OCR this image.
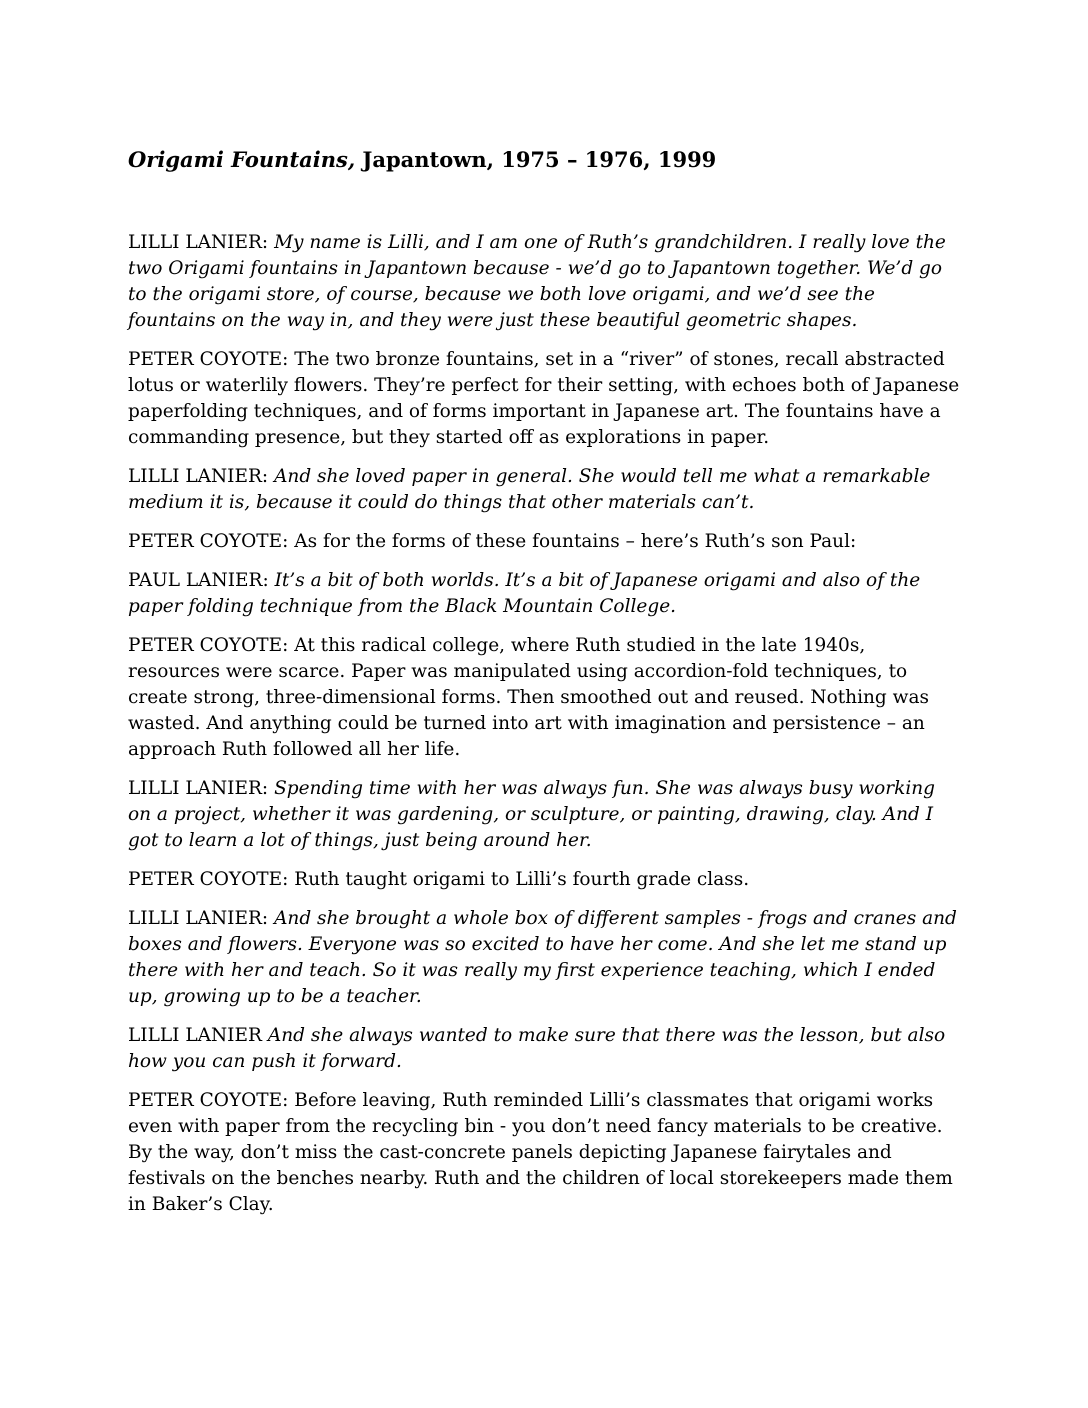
Origami Fountains, Japantown, 1975 – 1976, 1999

LILLI LANIER: My name is Lilli, and I am one of Ruth’s grandchildren. I really love the two Origami fountains in Japantown because - we’d go to Japantown together. We’d go to the origami store, of course, because we both love origami, and we’d see the fountains on the way in, and they were just these beautiful geometric shapes.

PETER COYOTE: The two bronze fountains, set in a “river” of stones, recall abstracted lotus or waterlily flowers. They’re perfect for their setting, with echoes both of Japanese paperfolding techniques, and of forms important in Japanese art. The fountains have a commanding presence, but they started off as explorations in paper.

LILLI LANIER: And she loved paper in general. She would tell me what a remarkable medium it is, because it could do things that other materials can’t.

PETER COYOTE: As for the forms of these fountains – here’s Ruth’s son Paul:

PAUL LANIER: It’s a bit of both worlds. It’s a bit of Japanese origami and also of the paper folding technique from the Black Mountain College.

PETER COYOTE: At this radical college, where Ruth studied in the late 1940s, resources were scarce. Paper was manipulated using accordion-fold techniques, to create strong, three-dimensional forms. Then smoothed out and reused. Nothing was wasted. And anything could be turned into art with imagination and persistence – an approach Ruth followed all her life.

LILLI LANIER: Spending time with her was always fun. She was always busy working on a project, whether it was gardening, or sculpture, or painting, drawing, clay. And I got to learn a lot of things, just being around her.

PETER COYOTE: Ruth taught origami to Lilli’s fourth grade class.

LILLI LANIER: And she brought a whole box of different samples - frogs and cranes and boxes and flowers. Everyone was so excited to have her come. And she let me stand up there with her and teach. So it was really my first experience teaching, which I ended up, growing up to be a teacher.

LILLI LANIER And she always wanted to make sure that there was the lesson, but also how you can push it forward.

PETER COYOTE: Before leaving, Ruth reminded Lilli’s classmates that origami works even with paper from the recycling bin - you don’t need fancy materials to be creative. By the way, don’t miss the cast-concrete panels depicting Japanese fairytales and festivals on the benches nearby. Ruth and the children of local storekeepers made them in Baker’s Clay.
